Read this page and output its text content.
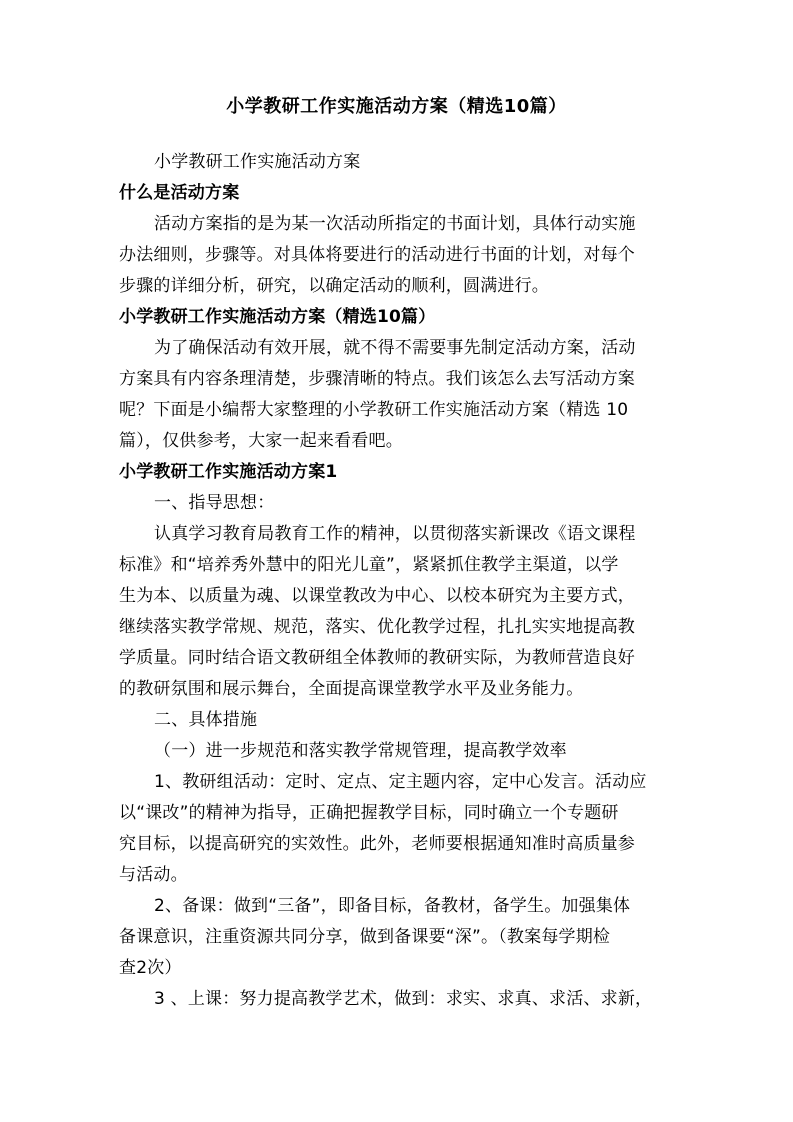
小学教研工作实施活动方案（精选10篇）
小学教研工作实施活动方案
什么是活动方案
活动方案指的是为某一次活动所指定的书面计划，具体行动实施
办法细则，步骤等。对具体将要进行的活动进行书面的计划，对每个
步骤的详细分析，研究，以确定活动的顺利，圆满进行。
小学教研工作实施活动方案（精选10篇）
为了确保活动有效开展，就不得不需要事先制定活动方案，活动
方案具有内容条理清楚，步骤清晰的特点。我们该怎么去写活动方案
呢？下面是小编帮大家整理的小学教研工作实施活动方案（精选 10
篇），仅供参考，大家一起来看看吧。
小学教研工作实施活动方案1
一、指导思想：
认真学习教育局教育工作的精神，以贯彻落实新课改《语文课程
标准》和“培养秀外慧中的阳光儿童”，紧紧抓住教学主渠道，以学
生为本、以质量为魂、以课堂教改为中心、以校本研究为主要方式，
继续落实教学常规、规范，落实、优化教学过程，扎扎实实地提高教
学质量。同时结合语文教研组全体教师的教研实际，为教师营造良好
的教研氛围和展示舞台，全面提高课堂教学水平及业务能力。
二、具体措施
（一）进一步规范和落实教学常规管理，提高教学效率
1、教研组活动：定时、定点、定主题内容，定中心发言。活动应
以“课改”的精神为指导，正确把握教学目标，同时确立一个专题研
究目标，以提高研究的实效性。此外，老师要根据通知准时高质量参
与活动。
2、备课：做到“三备”，即备目标，备教材，备学生。加强集体
备课意识，注重资源共同分享，做到备课要“深”。（教案每学期检
查2次）
3 、上课：努力提高教学艺术，做到：求实、求真、求活、求新，
